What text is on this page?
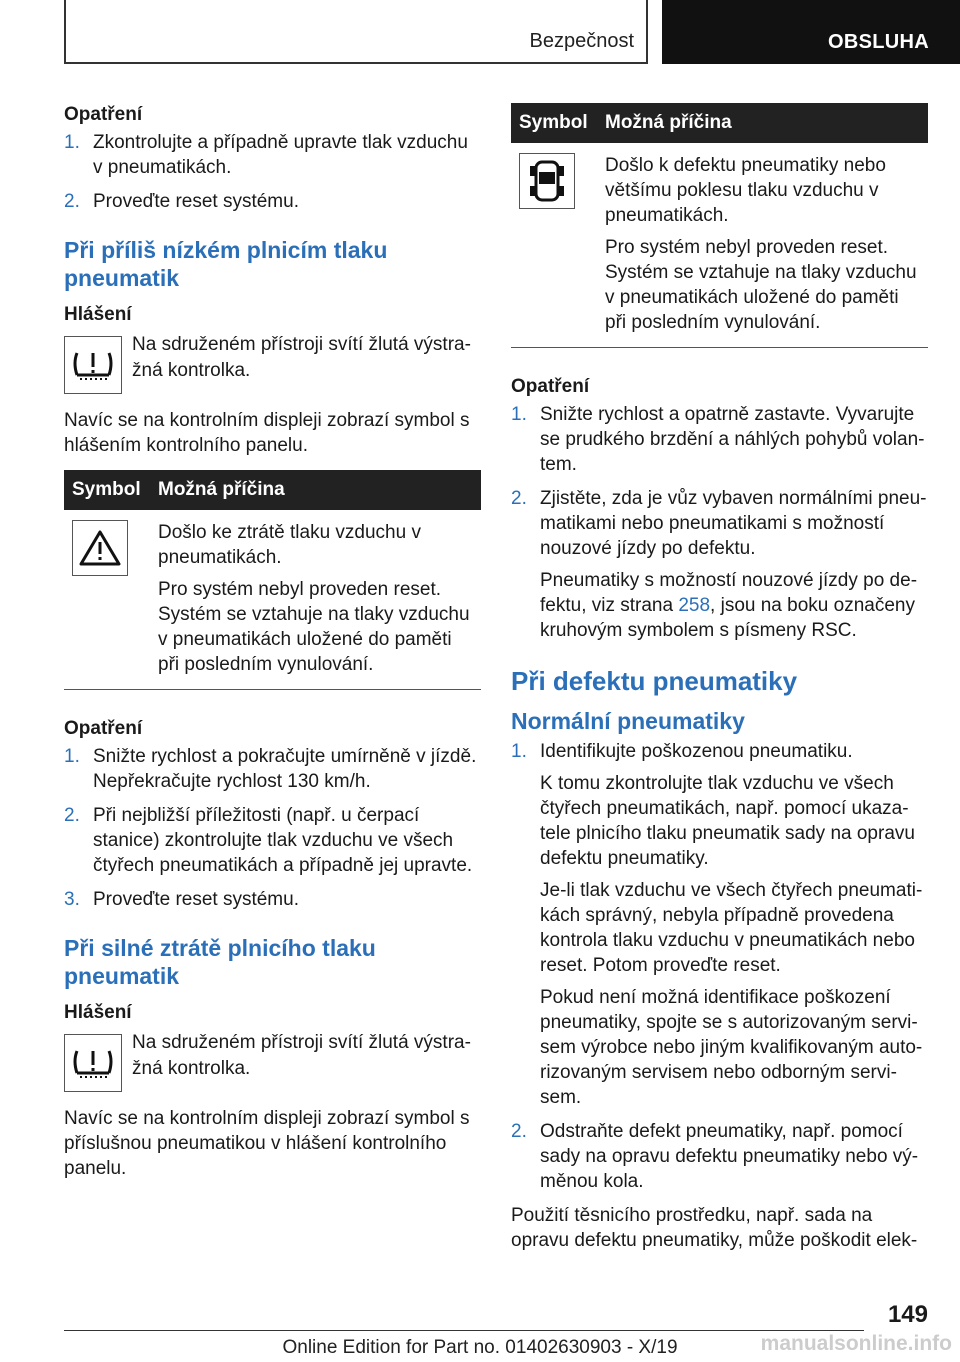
Bezpečnost	OBSLUHA
Opatření
1. Zkontrolujte a případně upravte tlak vzduchu v pneumatikách.

2. Proveďte reset systému.

Při příliš nízkém plnicím tlaku pneumatik
Hlášení
Na sdruženém přístroji svítí žlutá výstra-žná kontrolka.

Navíc se na kontrolním displeji zobrazí symbol s hlášením kontrolního panelu.

Symbol	Možná příčina

Došlo ke ztrátě tlaku vzduchu v pneumatikách.

Pro systém nebyl proveden reset. Systém se vztahuje na tlaky vzduchu v pneumatikách uložené do paměti při posledním vynulování.

Opatření
1. Snižte rychlost a pokračujte umírněně v jízdě. Nepřekračujte rychlost 130 km/h.

2. Při nejbližší příležitosti (např. u čerpací stanice) zkontrolujte tlak vzduchu ve všech čtyřech pneumatikách a případně jej upravte.

3. Proveďte reset systému.

Při silné ztrátě plnicího tlaku pneumatik
Hlášení
Na sdruženém přístroji svítí žlutá výstra-žná kontrolka.

Navíc se na kontrolním displeji zobrazí symbol s příslušnou pneumatikou v hlášení kontrolního panelu.

Symbol	Možná příčina

Došlo k defektu pneumatiky nebo většímu poklesu tlaku vzduchu v pneumatikách.

Pro systém nebyl proveden reset. Systém se vztahuje na tlaky vzduchu v pneumatikách uložené do paměti při posledním vynulování.

Opatření
1. Snižte rychlost a opatrně zastavte. Vyvarujte se prudkého brzdění a náhlých pohybů volan-tem.

2. Zjistěte, zda je vůz vybaven normálními pneu-matikami nebo pneumatikami s možností nouzové jízdy po defektu.

Pneumatiky s možností nouzové jízdy po de-fektu, viz strana 258, jsou na boku označeny kruhovým symbolem s písmeny RSC.

Při defektu pneumatiky
Normální pneumatiky
1. Identifikujte poškozenou pneumatiku.

K tomu zkontrolujte tlak vzduchu ve všech čtyřech pneumatikách, např. pomocí ukaza-tele plnicího tlaku pneumatik sady na opravu defektu pneumatiky.

Je-li tlak vzduchu ve všech čtyřech pneumati-kách správný, nebyla případně provedena kontrola tlaku vzduchu v pneumatikách nebo reset. Potom proveďte reset.

Pokud není možná identifikace poškození pneumatiky, spojte se s autorizovaným servi-sem výrobce nebo jiným kvalifikovaným auto-rizovaným servisem nebo odborným servi-sem.

2. Odstraňte defekt pneumatiky, např. pomocí sady na opravu defektu pneumatiky nebo vý-měnou kola.

Použití těsnicího prostředku, např. sada na opravu defektu pneumatiky, může poškodit elek-

149
Online Edition for Part no. 01402630903 - X/19	manualsonline.info
